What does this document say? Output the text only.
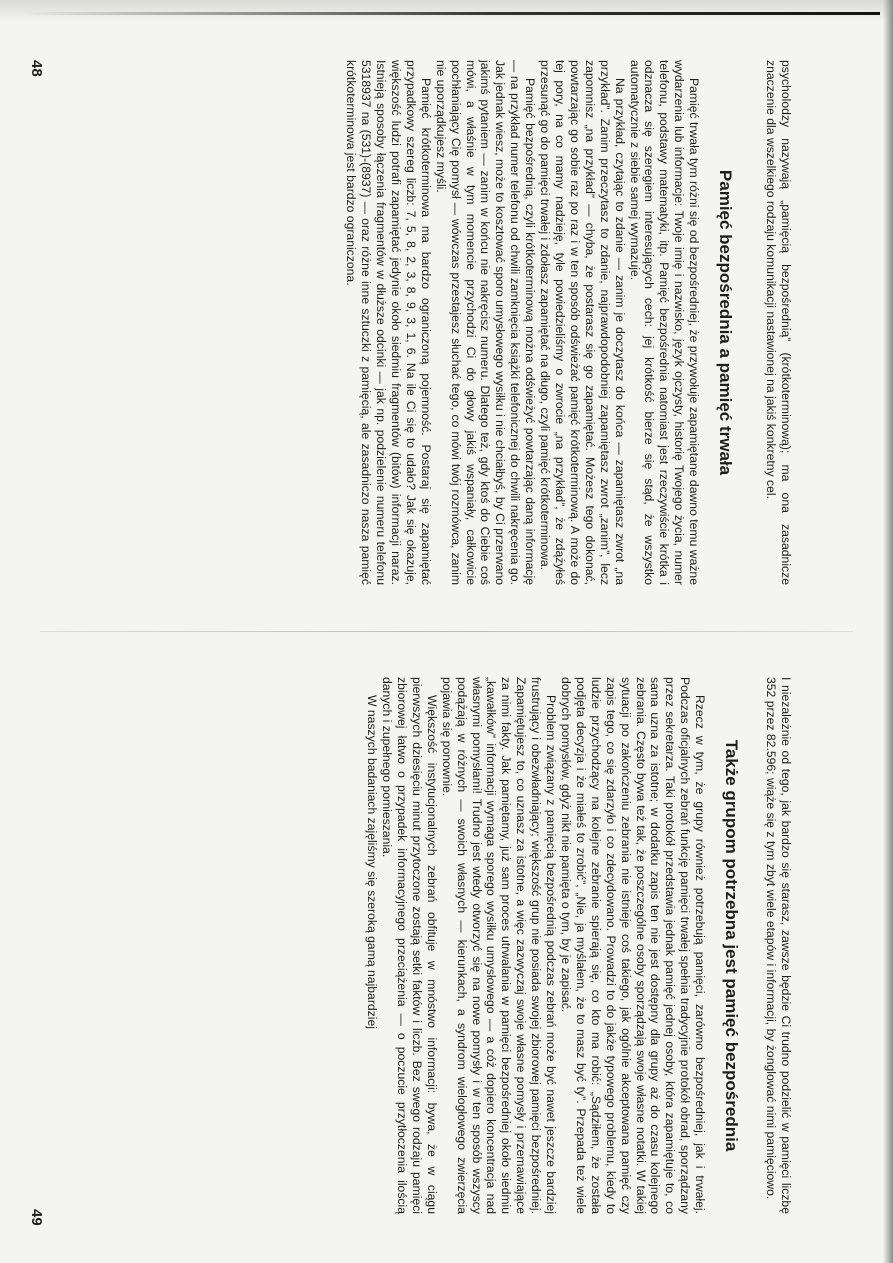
psycholodzy nazywają „pamięcią bezpośrednią” (krótkoterminową); ma ona zasadnicze znaczenie dla wszelkiego rodzaju komunikacji nastawionej na jakiś konkretny cel.

Pamięć bezpośrednia a pamięć trwała

Pamięć trwała tym różni się od bezpośredniej, że przywołuje zapamiętane dawno temu ważne wydarzenia lub informacje: Twoje imię i nazwisko, język ojczysty, historię Twojego życia, numer telefonu, podstawy matematyki, itp. Pamięć bezpośrednia natomiast jest rzeczywiście krótka i odznacza się szeregiem interesujących cech: jej krótkość bierze się stąd, że wszystko automatycznie z siebie samej wymazuje.

Na przykład, czytając to zdanie — zanim je doczytasz do końca — zapamiętasz zwrot „na przykład”. Zanim przeczytasz to zdanie, najprawdopodobniej zapamiętasz zwrot „zanim”, lecz zapomnisz „na przykład” — chyba, że postarasz się go zapamiętać. Możesz tego dokonać, powtarzając go sobie raz po raz i w ten sposób odświeżać pamięć krótkoterminową. A może do tej pory, na co mamy nadzieję, tyle powiedzieliśmy o zwrocie „na przykład”, że zdążyłeś przesunąć go do pamięci trwałej i zdołasz zapamiętać na długo, czyli pamięć krótkoterminowa.

Pamięć bezpośrednią, czyli krótkoterminową można odświeżyć powtarzając daną informację — na przykład numer telefonu od chwili zamknięcia książki telefonicznej do chwili nakręcenia go. Jak jednak wiesz, może to kosztować sporo umysłowego wysiłku i nie chciałbyś, by Ci przerwano jakimś pytaniem — zanim w końcu nie nakręcisz numeru. Dlatego też, gdy ktoś do Ciebie coś mówi, a właśnie w tym momencie przychodzi Ci do głowy jakiś wspaniały, całkowicie pochłaniający Cię pomysł — wówczas przestajesz słuchać tego, co mówi twój rozmówca, zanim nie uporządkujesz myśli.

Pamięć krótkoterminowa ma bardzo ograniczoną pojemność. Postaraj się zapamiętać przypadkowy szereg liczb: 7, 5, 8, 2, 3, 8, 9, 3, 1, 6. Na ile Ci się to udało? Jak się okazuje, większość ludzi potrafi zapamiętać jedynie około siedmiu fragmentów (bitów) informacji naraz. Istnieją sposoby łączenia fragmentów w dłuższe odcinki — jak np. podzielenie numeru telefonu 5318937 na (531)-(8937) — oraz różne inne sztuczki z pamięcią, ale zasadniczo nasza pamięć krótkoterminowa jest bardzo ograniczona.

48

I niezależnie od tego, jak bardzo się starasz, zawsze będzie Ci trudno podzielić w pamięci liczbę 352 przez 82.596; wiąże się z tym zbyt wiele etapów i informacji, by żonglować nimi pamięciowo.

Także grupom potrzebna jest pamięć bezpośrednia

Rzecz w tym, że grupy również potrzebują pamięci, zarówno bezpośredniej, jak i trwałej. Podczas oficjalnych zebrań funkcję pamięci trwałej spełnia tradycyjnie protokół obrad, sporządzany przez sekretarza. Taki protokół przedstawia jednak pamięć jednej osoby, która zapamiętuje to, co sama uzna za istotne; w dodatku zapis ten nie jest dostępny dla grupy aż do czasu kolejnego zebrania. Często bywa też tak, że poszczególne osoby sporządzają swoje własne notatki. W takiej sytuacji po zakończeniu zebrania nie istnieje coś takiego, jak ogólnie akceptowana pamięć czy zapis tego, co się zdarzyło i co zdecydowano. Prowadzi to do jakże typowego problemu, kiedy to ludzie przychodzący na kolejne zebranie spierają się, co kto ma robić: „Sądziłem, że została podjęta decyzja i że miałeś to zrobić”, „Nie, ja myślałem, że to masz być ty”. Przepada też wiele dobrych pomysłów, gdyż nikt nie pamięta o tym, by je zapisać.

Problem związany z pamięcią bezpośrednią podczas zebrań może być nawet jeszcze bardziej frustrujący i obezwładniający; większość grup nie posiada swojej zbiorowej pamięci bezpośredniej. Zapamiętujesz to, co uznasz za istotne, a więc zazwyczaj swoje własne pomysły i przemawiające za nimi fakty. Jak pamiętamy, już sam proces utrwalania w pamięci bezpośredniej około siedmiu „kawałków” informacji wymaga sporego wysiłku umysłowego — a cóż dopiero koncentracja nad własnymi pomysłami! Trudno jest wtedy otworzyć się na nowe pomysły i w ten sposób wszyscy podążają w różnych — swoich własnych — kierunkach, a syndrom wielogłowego zwierzęcia pojawia się ponownie.

Większość instytucjonalnych zebrań obfituje w mnóstwo informacji: bywa, że w ciągu pierwszych dziesięciu minut przytoczone zostają setki faktów i liczb. Bez swego rodzaju pamięci zbiorowej łatwo o przypadek informacyjnego przeciążenia — o poczucie przytłoczenia ilością danych i zupełnego pomieszania.

W naszych badaniach zajęliśmy się szeroką gamą najbardziej

49
